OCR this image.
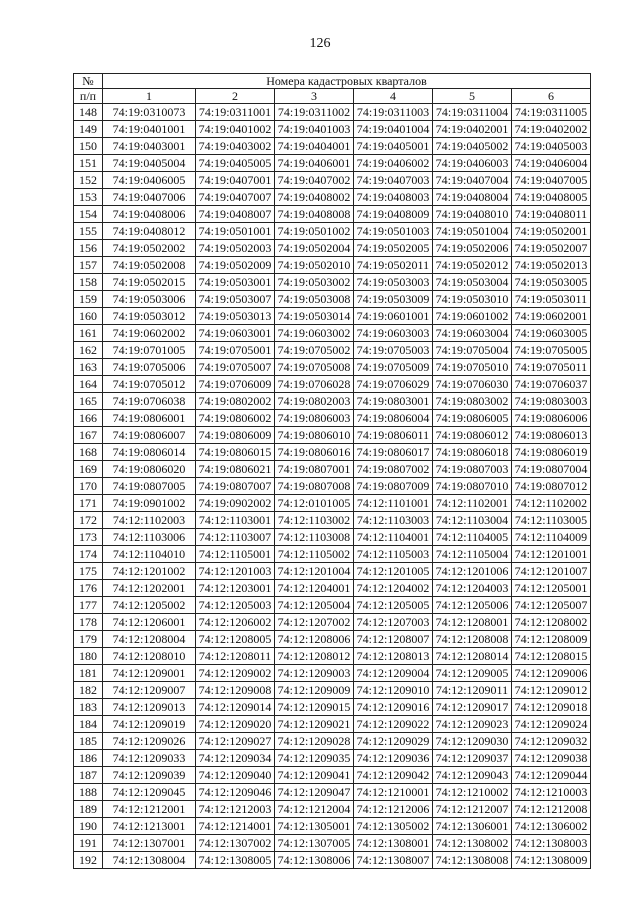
126
№	Номера кадастровых кварталов					
п/п	1	2	3	4	5	6
148	74:19:0310073	74:19:0311001	74:19:0311002	74:19:0311003	74:19:0311004	74:19:0311005
149	74:19:0401001	74:19:0401002	74:19:0401003	74:19:0401004	74:19:0402001	74:19:0402002
150	74:19:0403001	74:19:0403002	74:19:0404001	74:19:0405001	74:19:0405002	74:19:0405003
151	74:19:0405004	74:19:0405005	74:19:0406001	74:19:0406002	74:19:0406003	74:19:0406004
152	74:19:0406005	74:19:0407001	74:19:0407002	74:19:0407003	74:19:0407004	74:19:0407005
153	74:19:0407006	74:19:0407007	74:19:0408002	74:19:0408003	74:19:0408004	74:19:0408005
154	74:19:0408006	74:19:0408007	74:19:0408008	74:19:0408009	74:19:0408010	74:19:0408011
155	74:19:0408012	74:19:0501001	74:19:0501002	74:19:0501003	74:19:0501004	74:19:0502001
156	74:19:0502002	74:19:0502003	74:19:0502004	74:19:0502005	74:19:0502006	74:19:0502007
157	74:19:0502008	74:19:0502009	74:19:0502010	74:19:0502011	74:19:0502012	74:19:0502013
158	74:19:0502015	74:19:0503001	74:19:0503002	74:19:0503003	74:19:0503004	74:19:0503005
159	74:19:0503006	74:19:0503007	74:19:0503008	74:19:0503009	74:19:0503010	74:19:0503011
160	74:19:0503012	74:19:0503013	74:19:0503014	74:19:0601001	74:19:0601002	74:19:0602001
161	74:19:0602002	74:19:0603001	74:19:0603002	74:19:0603003	74:19:0603004	74:19:0603005
162	74:19:0701005	74:19:0705001	74:19:0705002	74:19:0705003	74:19:0705004	74:19:0705005
163	74:19:0705006	74:19:0705007	74:19:0705008	74:19:0705009	74:19:0705010	74:19:0705011
164	74:19:0705012	74:19:0706009	74:19:0706028	74:19:0706029	74:19:0706030	74:19:0706037
165	74:19:0706038	74:19:0802002	74:19:0802003	74:19:0803001	74:19:0803002	74:19:0803003
166	74:19:0806001	74:19:0806002	74:19:0806003	74:19:0806004	74:19:0806005	74:19:0806006
167	74:19:0806007	74:19:0806009	74:19:0806010	74:19:0806011	74:19:0806012	74:19:0806013
168	74:19:0806014	74:19:0806015	74:19:0806016	74:19:0806017	74:19:0806018	74:19:0806019
169	74:19:0806020	74:19:0806021	74:19:0807001	74:19:0807002	74:19:0807003	74:19:0807004
170	74:19:0807005	74:19:0807007	74:19:0807008	74:19:0807009	74:19:0807010	74:19:0807012
171	74:19:0901002	74:19:0902002	74:12:0101005	74:12:1101001	74:12:1102001	74:12:1102002
172	74:12:1102003	74:12:1103001	74:12:1103002	74:12:1103003	74:12:1103004	74:12:1103005
173	74:12:1103006	74:12:1103007	74:12:1103008	74:12:1104001	74:12:1104005	74:12:1104009
174	74:12:1104010	74:12:1105001	74:12:1105002	74:12:1105003	74:12:1105004	74:12:1201001
175	74:12:1201002	74:12:1201003	74:12:1201004	74:12:1201005	74:12:1201006	74:12:1201007
176	74:12:1202001	74:12:1203001	74:12:1204001	74:12:1204002	74:12:1204003	74:12:1205001
177	74:12:1205002	74:12:1205003	74:12:1205004	74:12:1205005	74:12:1205006	74:12:1205007
178	74:12:1206001	74:12:1206002	74:12:1207002	74:12:1207003	74:12:1208001	74:12:1208002
179	74:12:1208004	74:12:1208005	74:12:1208006	74:12:1208007	74:12:1208008	74:12:1208009
180	74:12:1208010	74:12:1208011	74:12:1208012	74:12:1208013	74:12:1208014	74:12:1208015
181	74:12:1209001	74:12:1209002	74:12:1209003	74:12:1209004	74:12:1209005	74:12:1209006
182	74:12:1209007	74:12:1209008	74:12:1209009	74:12:1209010	74:12:1209011	74:12:1209012
183	74:12:1209013	74:12:1209014	74:12:1209015	74:12:1209016	74:12:1209017	74:12:1209018
184	74:12:1209019	74:12:1209020	74:12:1209021	74:12:1209022	74:12:1209023	74:12:1209024
185	74:12:1209026	74:12:1209027	74:12:1209028	74:12:1209029	74:12:1209030	74:12:1209032
186	74:12:1209033	74:12:1209034	74:12:1209035	74:12:1209036	74:12:1209037	74:12:1209038
187	74:12:1209039	74:12:1209040	74:12:1209041	74:12:1209042	74:12:1209043	74:12:1209044
188	74:12:1209045	74:12:1209046	74:12:1209047	74:12:1210001	74:12:1210002	74:12:1210003
189	74:12:1212001	74:12:1212003	74:12:1212004	74:12:1212006	74:12:1212007	74:12:1212008
190	74:12:1213001	74:12:1214001	74:12:1305001	74:12:1305002	74:12:1306001	74:12:1306002
191	74:12:1307001	74:12:1307002	74:12:1307005	74:12:1308001	74:12:1308002	74:12:1308003
192	74:12:1308004	74:12:1308005	74:12:1308006	74:12:1308007	74:12:1308008	74:12:1308009
